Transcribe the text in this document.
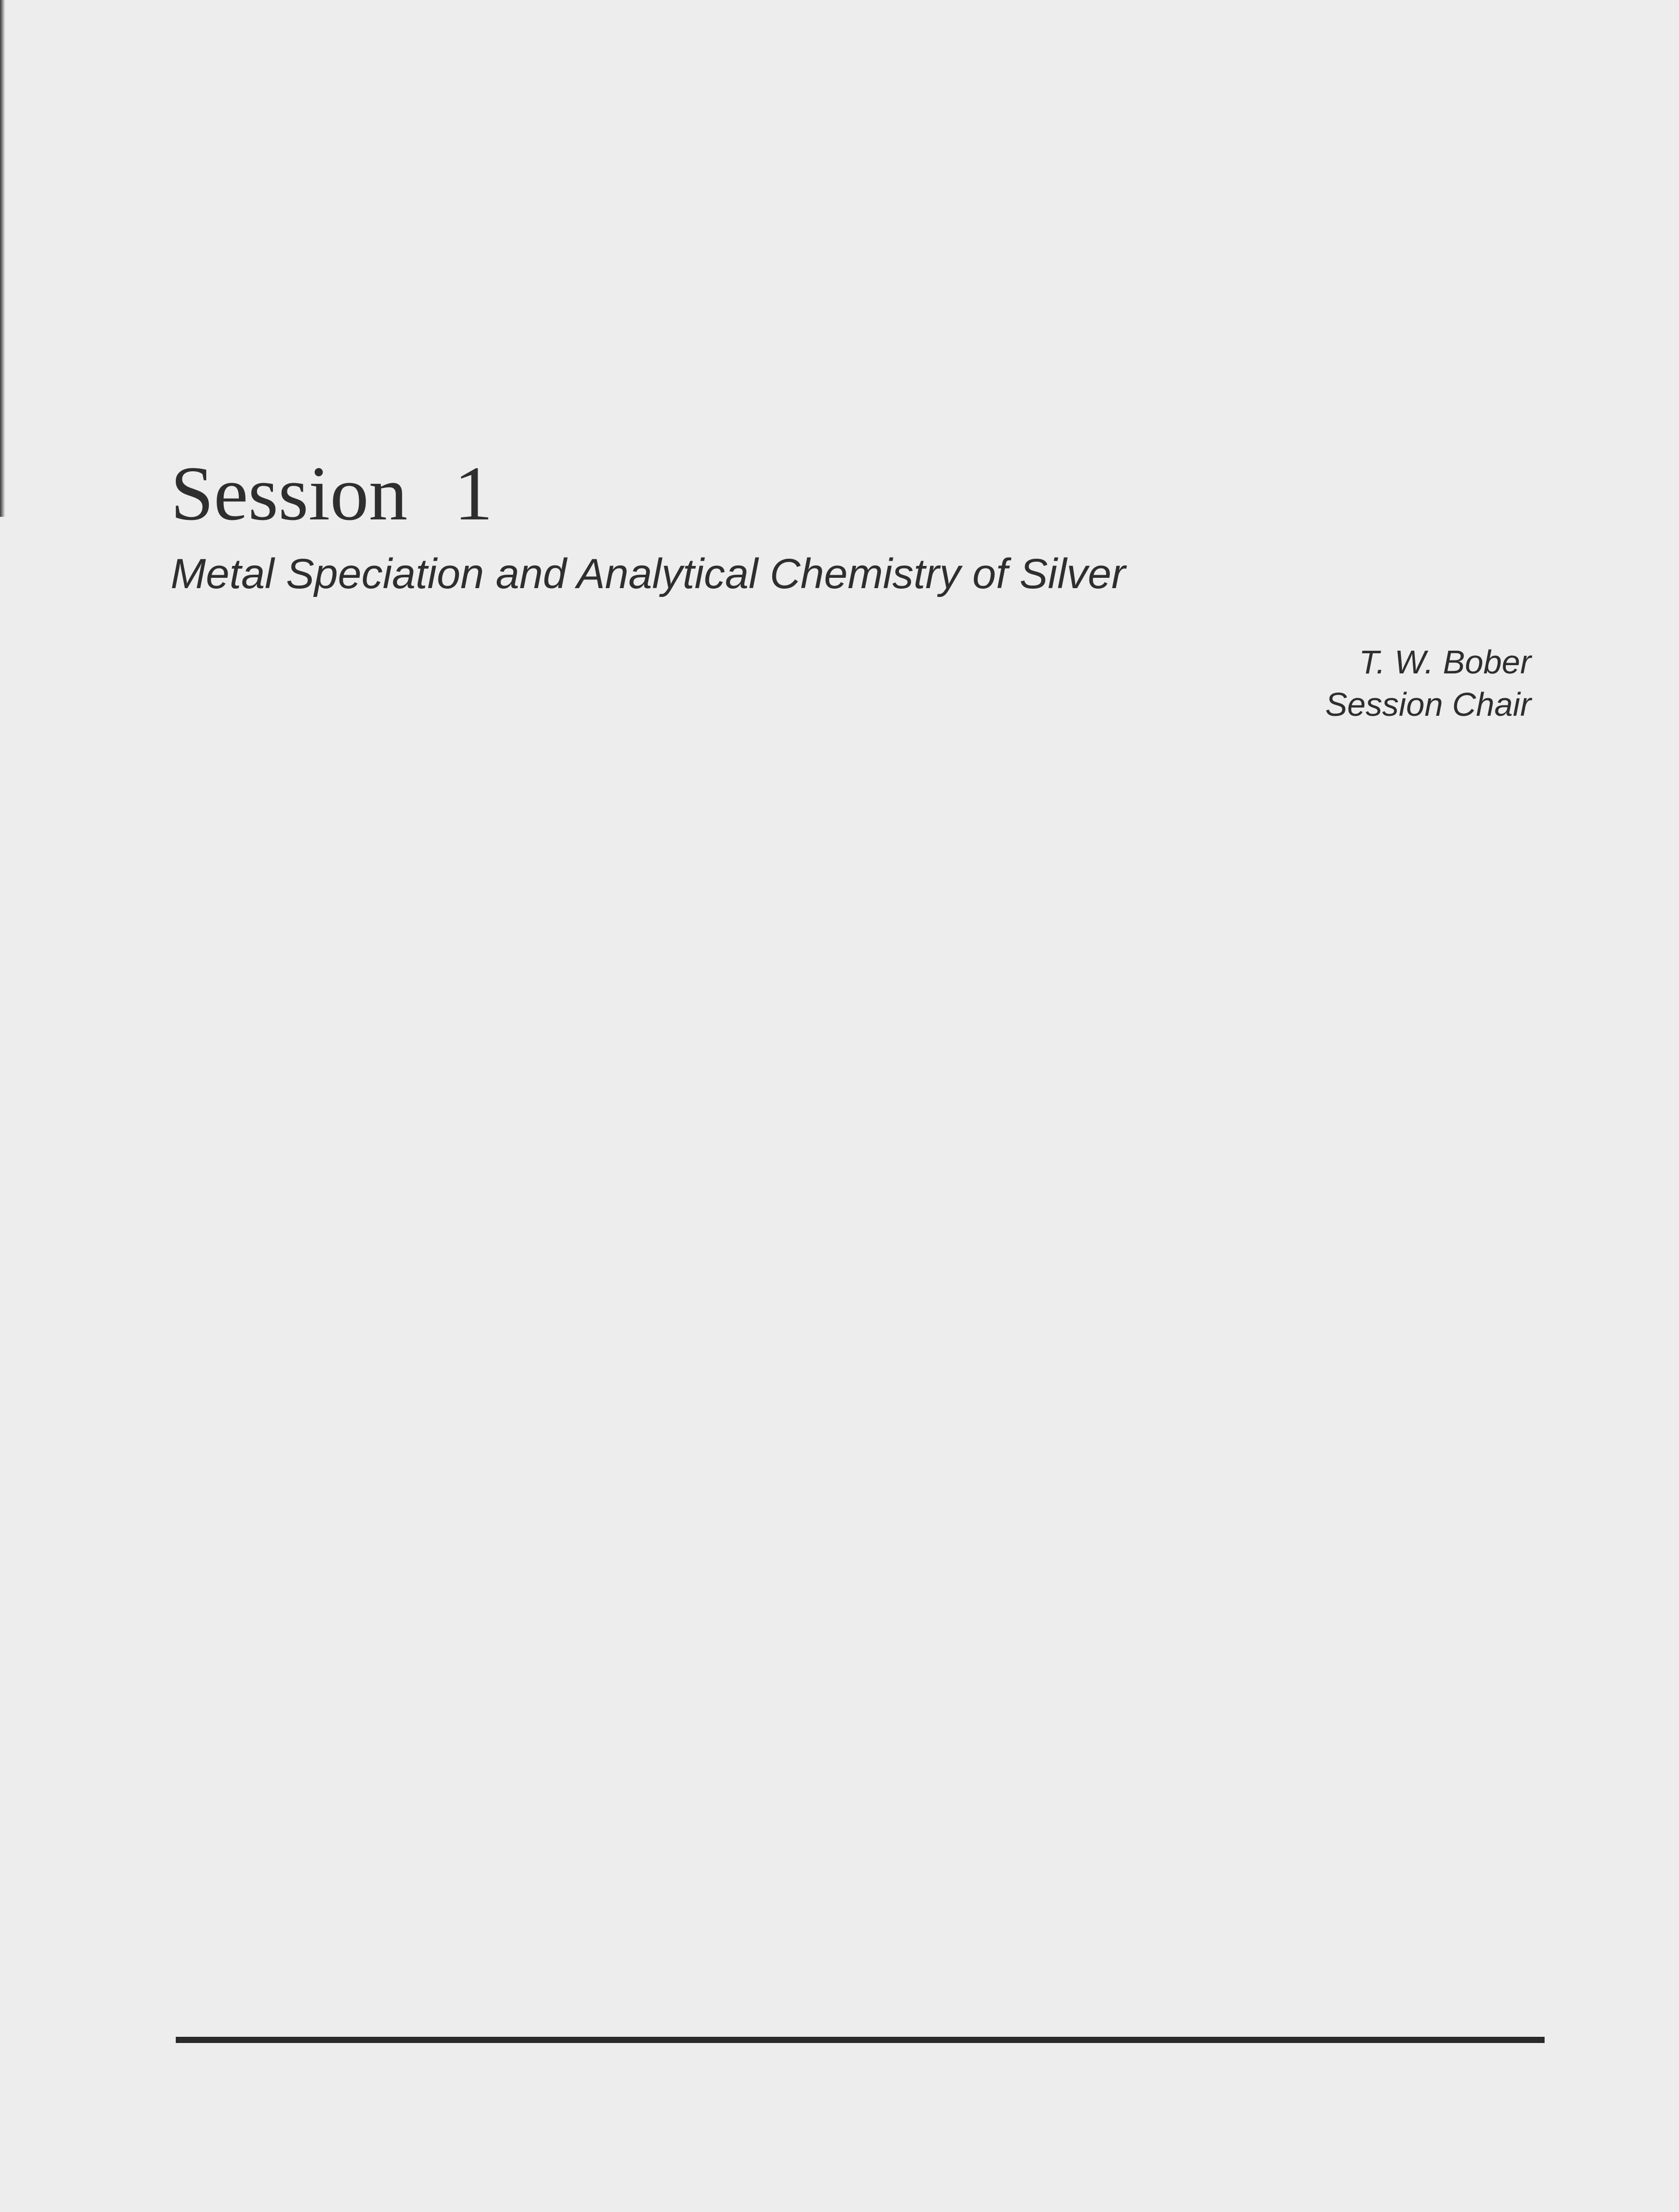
Session 1
Metal Speciation and Analytical Chemistry of Silver
T. W. Bober
Session Chair
